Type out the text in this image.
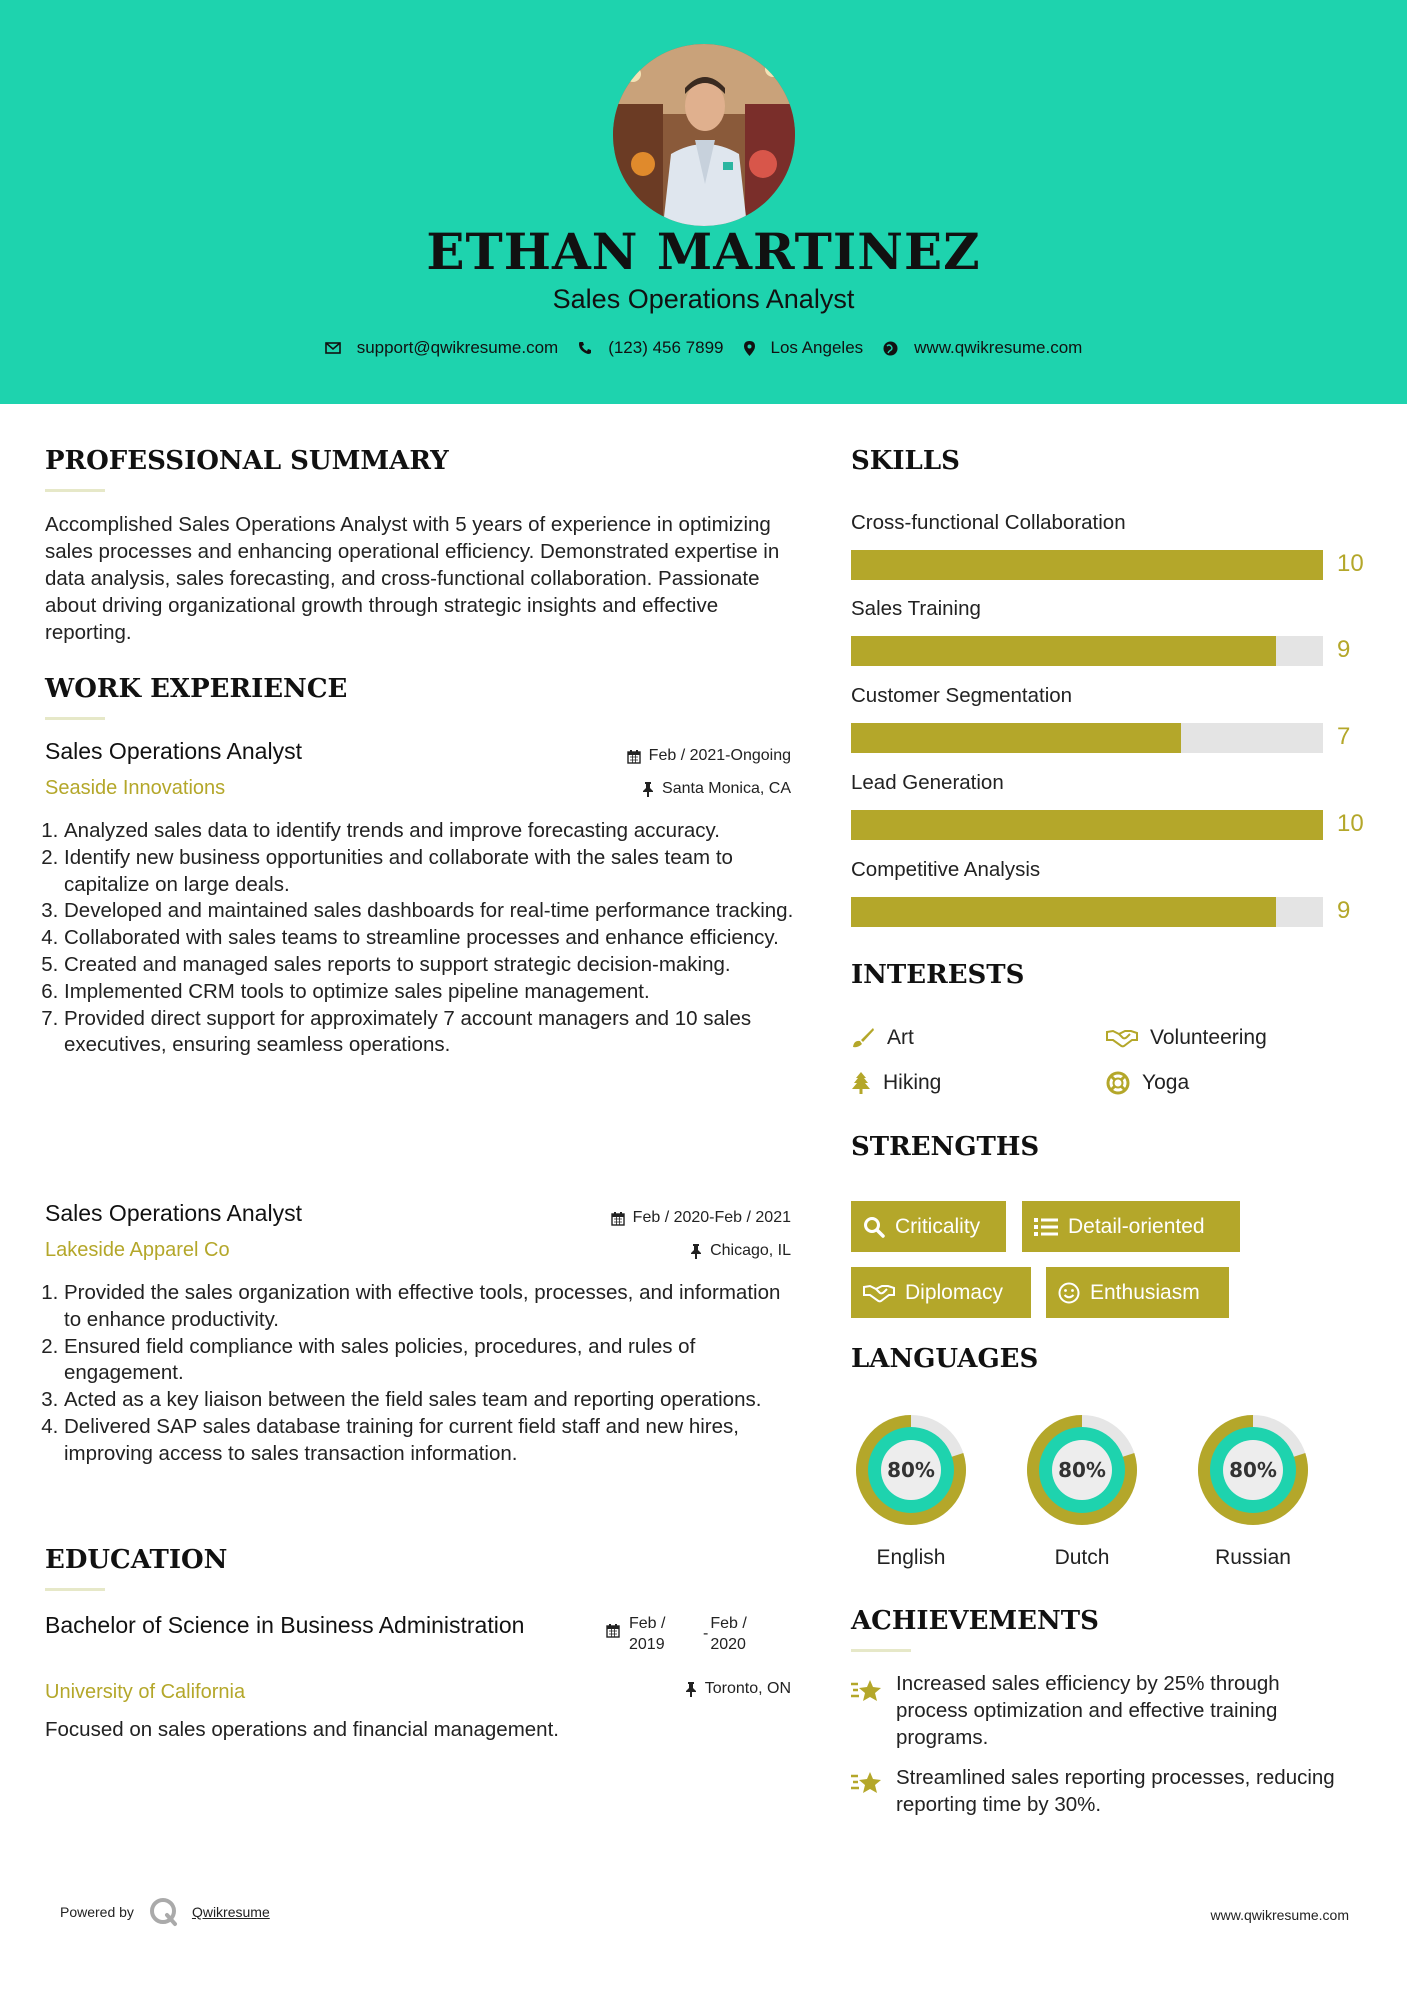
ETHAN MARTINEZ
Sales Operations Analyst
support@qwikresume.com	(123) 456 7899	Los Angeles	www.qwikresume.com
PROFESSIONAL SUMMARY
Accomplished Sales Operations Analyst with 5 years of experience in optimizing sales processes and enhancing operational efficiency. Demonstrated expertise in data analysis, sales forecasting, and cross-functional collaboration. Passionate about driving organizational growth through strategic insights and effective reporting.
WORK EXPERIENCE
Sales Operations Analyst	Feb / 2021-Ongoing
Seaside Innovations	Santa Monica, CA
1. Analyzed sales data to identify trends and improve forecasting accuracy.
2. Identify new business opportunities and collaborate with the sales team to capitalize on large deals.
3. Developed and maintained sales dashboards for real-time performance tracking.
4. Collaborated with sales teams to streamline processes and enhance efficiency.
5. Created and managed sales reports to support strategic decision-making.
6. Implemented CRM tools to optimize sales pipeline management.
7. Provided direct support for approximately 7 account managers and 10 sales executives, ensuring seamless operations.
Sales Operations Analyst	Feb / 2020-Feb / 2021
Lakeside Apparel Co	Chicago, IL
1. Provided the sales organization with effective tools, processes, and information to enhance productivity.
2. Ensured field compliance with sales policies, procedures, and rules of engagement.
3. Acted as a key liaison between the field sales team and reporting operations.
4. Delivered SAP sales database training for current field staff and new hires, improving access to sales transaction information.
EDUCATION
Bachelor of Science in Business Administration	Feb / 2019
-
Feb / 2020
University of California	Toronto, ON
Focused on sales operations and financial management.
SKILLS
Cross-functional Collaboration
10
Sales Training
9
Customer Segmentation
7
Lead Generation
10
Competitive Analysis
9
INTERESTS
Art	Volunteering
Hiking	Yoga
STRENGTHS
Criticality	Detail-oriented
Diplomacy	Enthusiasm
LANGUAGES
80%
English
80%
Dutch
80%
Russian
ACHIEVEMENTS
Increased sales efficiency by 25% through process optimization and effective training programs.
Streamlined sales reporting processes, reducing reporting time by 30%.
Powered by	Qwikresume	www.qwikresume.com
